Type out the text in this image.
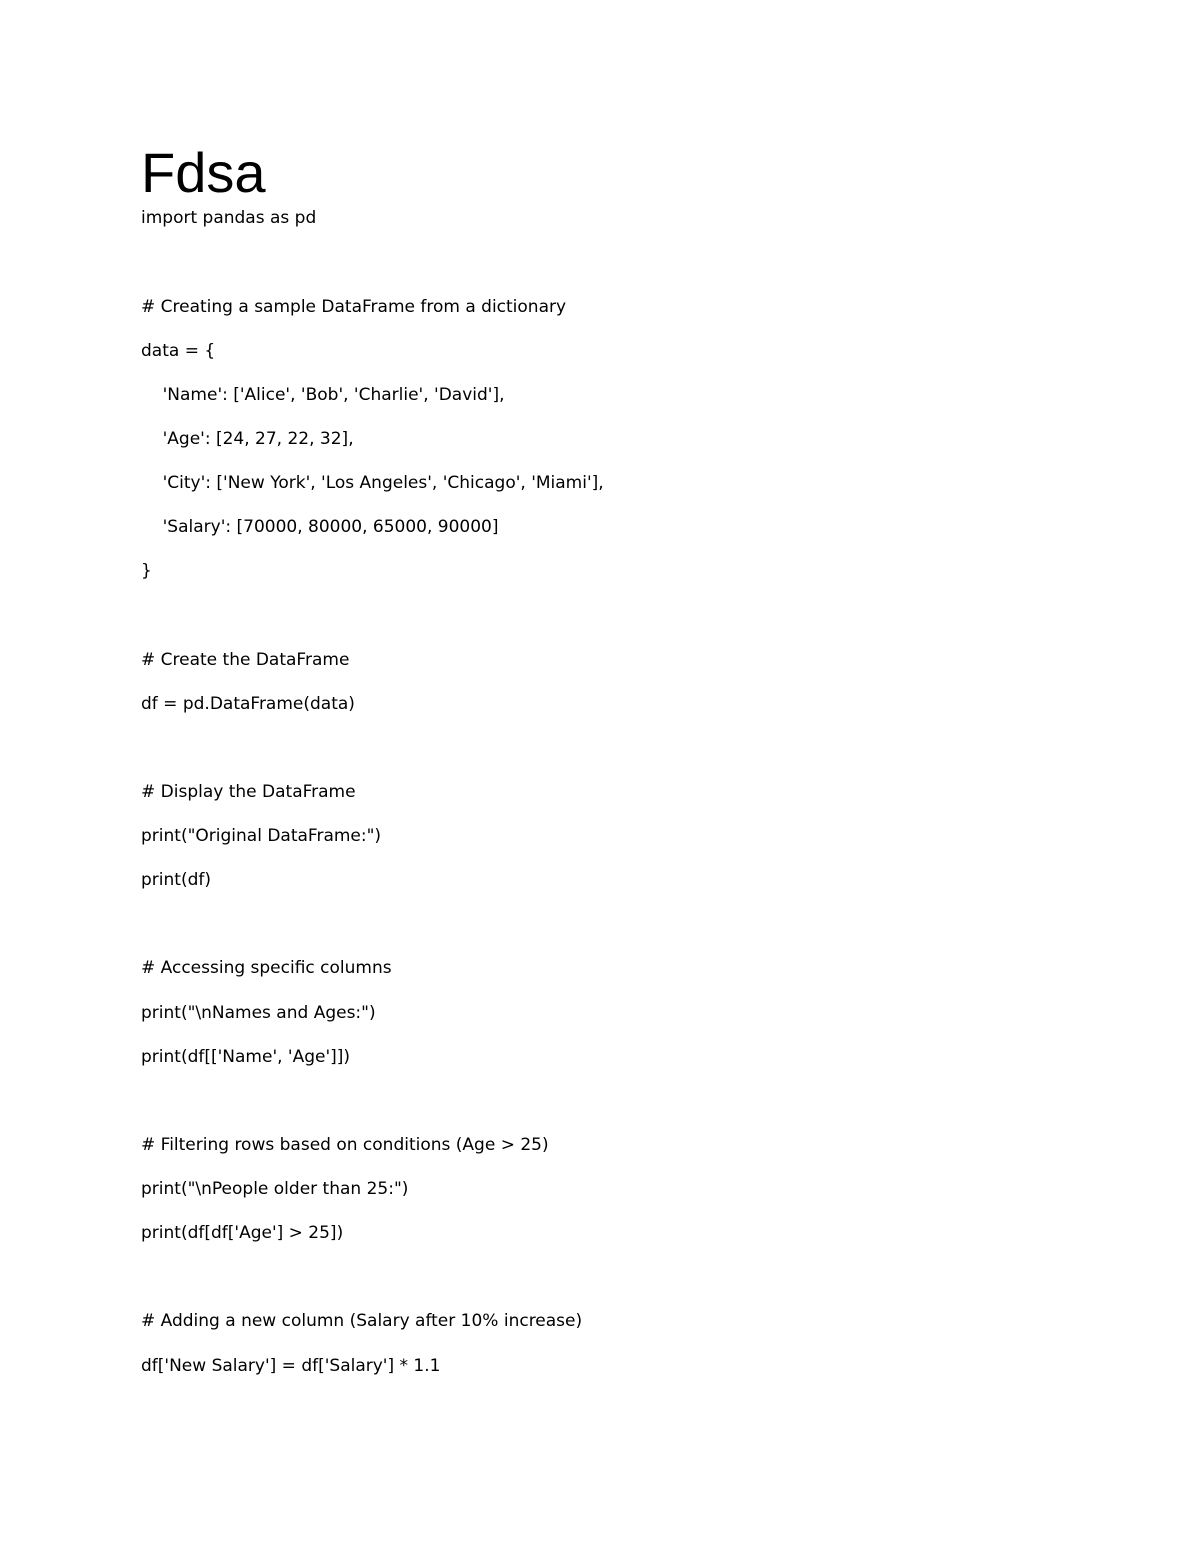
Fdsa

import pandas as pd

# Creating a sample DataFrame from a dictionary

data = {

'Name': ['Alice', 'Bob', 'Charlie', 'David'],

'Age': [24, 27, 22, 32],

'City': ['New York', 'Los Angeles', 'Chicago', 'Miami'],

'Salary': [70000, 80000, 65000, 90000]

}

# Create the DataFrame

df = pd.DataFrame(data)

# Display the DataFrame

print("Original DataFrame:")

print(df)

# Accessing specific columns

print("\nNames and Ages:")

print(df[['Name', 'Age']])

# Filtering rows based on conditions (Age > 25)

print("\nPeople older than 25:")

print(df[df['Age'] > 25])

# Adding a new column (Salary after 10% increase)

df['New Salary'] = df['Salary'] * 1.1
